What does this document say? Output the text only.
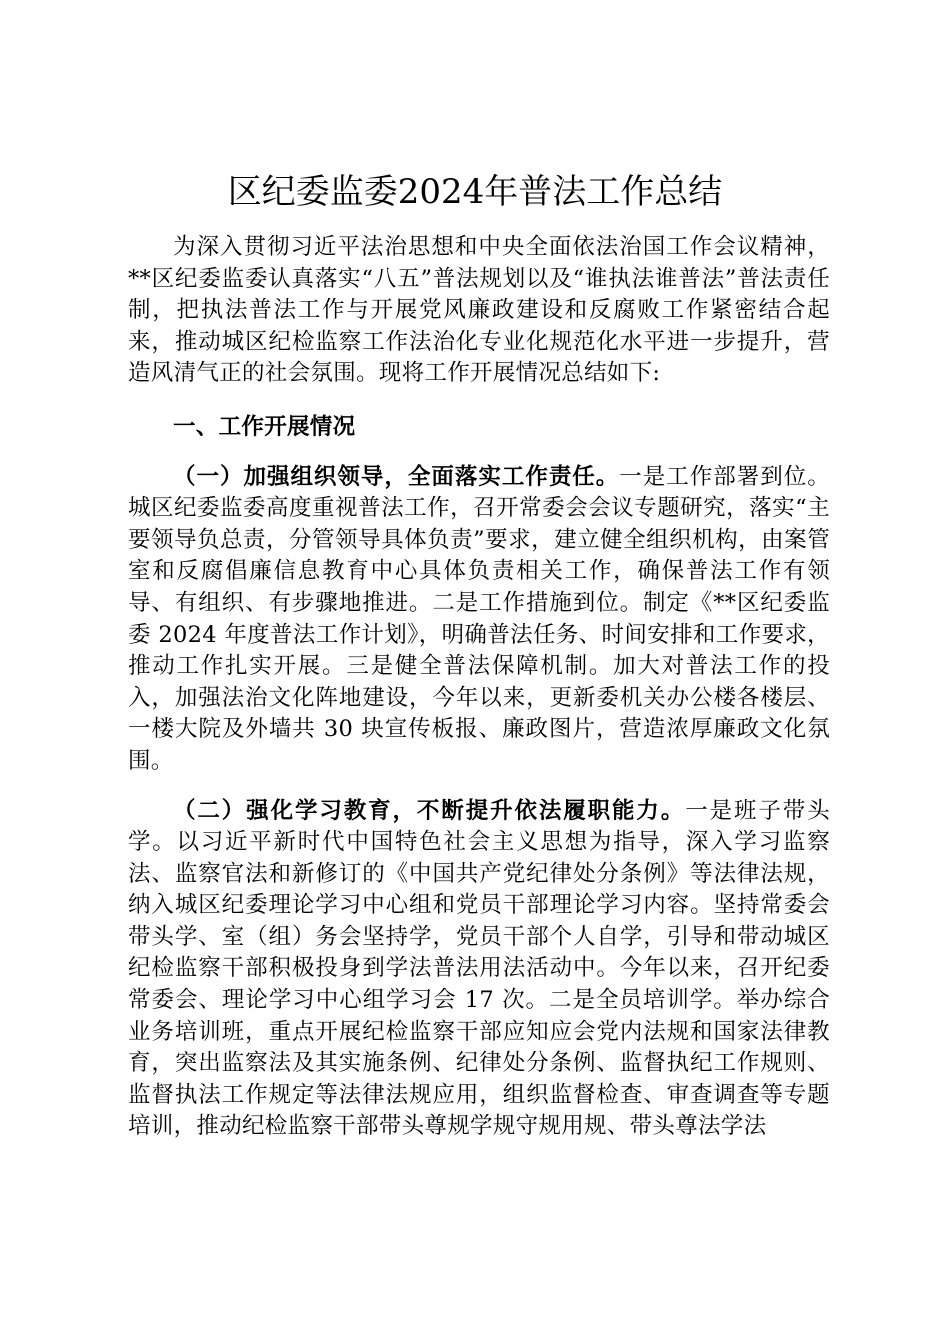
区纪委监委2024年普法工作总结

为深入贯彻习近平法治思想和中央全面依法治国工作会议精神，**区纪委监委认真落实“八五”普法规划以及“谁执法谁普法”普法责任制，把执法普法工作与开展党风廉政建设和反腐败工作紧密结合起来，推动城区纪检监察工作法治化专业化规范化水平进一步提升，营造风清气正的社会氛围。现将工作开展情况总结如下:

一、工作开展情况

（一）加强组织领导，全面落实工作责任。一是工作部署到位。城区纪委监委高度重视普法工作，召开常委会会议专题研究，落实“主要领导负总责，分管领导具体负责”要求，建立健全组织机构，由案管室和反腐倡廉信息教育中心具体负责相关工作，确保普法工作有领导、有组织、有步骤地推进。二是工作措施到位。制定《**区纪委监委 2024 年度普法工作计划》，明确普法任务、时间安排和工作要求，推动工作扎实开展。三是健全普法保障机制。加大对普法工作的投入，加强法治文化阵地建设，今年以来，更新委机关办公楼各楼层、一楼大院及外墙共 30 块宣传板报、廉政图片，营造浓厚廉政文化氛围。

（二）强化学习教育，不断提升依法履职能力。一是班子带头学。以习近平新时代中国特色社会主义思想为指导，深入学习监察法、监察官法和新修订的《中国共产党纪律处分条例》等法律法规，纳入城区纪委理论学习中心组和党员干部理论学习内容。坚持常委会带头学、室（组）务会坚持学，党员干部个人自学，引导和带动城区纪检监察干部积极投身到学法普法用法活动中。今年以来，召开纪委常委会、理论学习中心组学习会 17 次。二是全员培训学。举办综合业务培训班，重点开展纪检监察干部应知应会党内法规和国家法律教育，突出监察法及其实施条例、纪律处分条例、监督执纪工作规则、监督执法工作规定等法律法规应用，组织监督检查、审查调查等专题培训，推动纪检监察干部带头尊规学规守规用规、带头尊法学法
